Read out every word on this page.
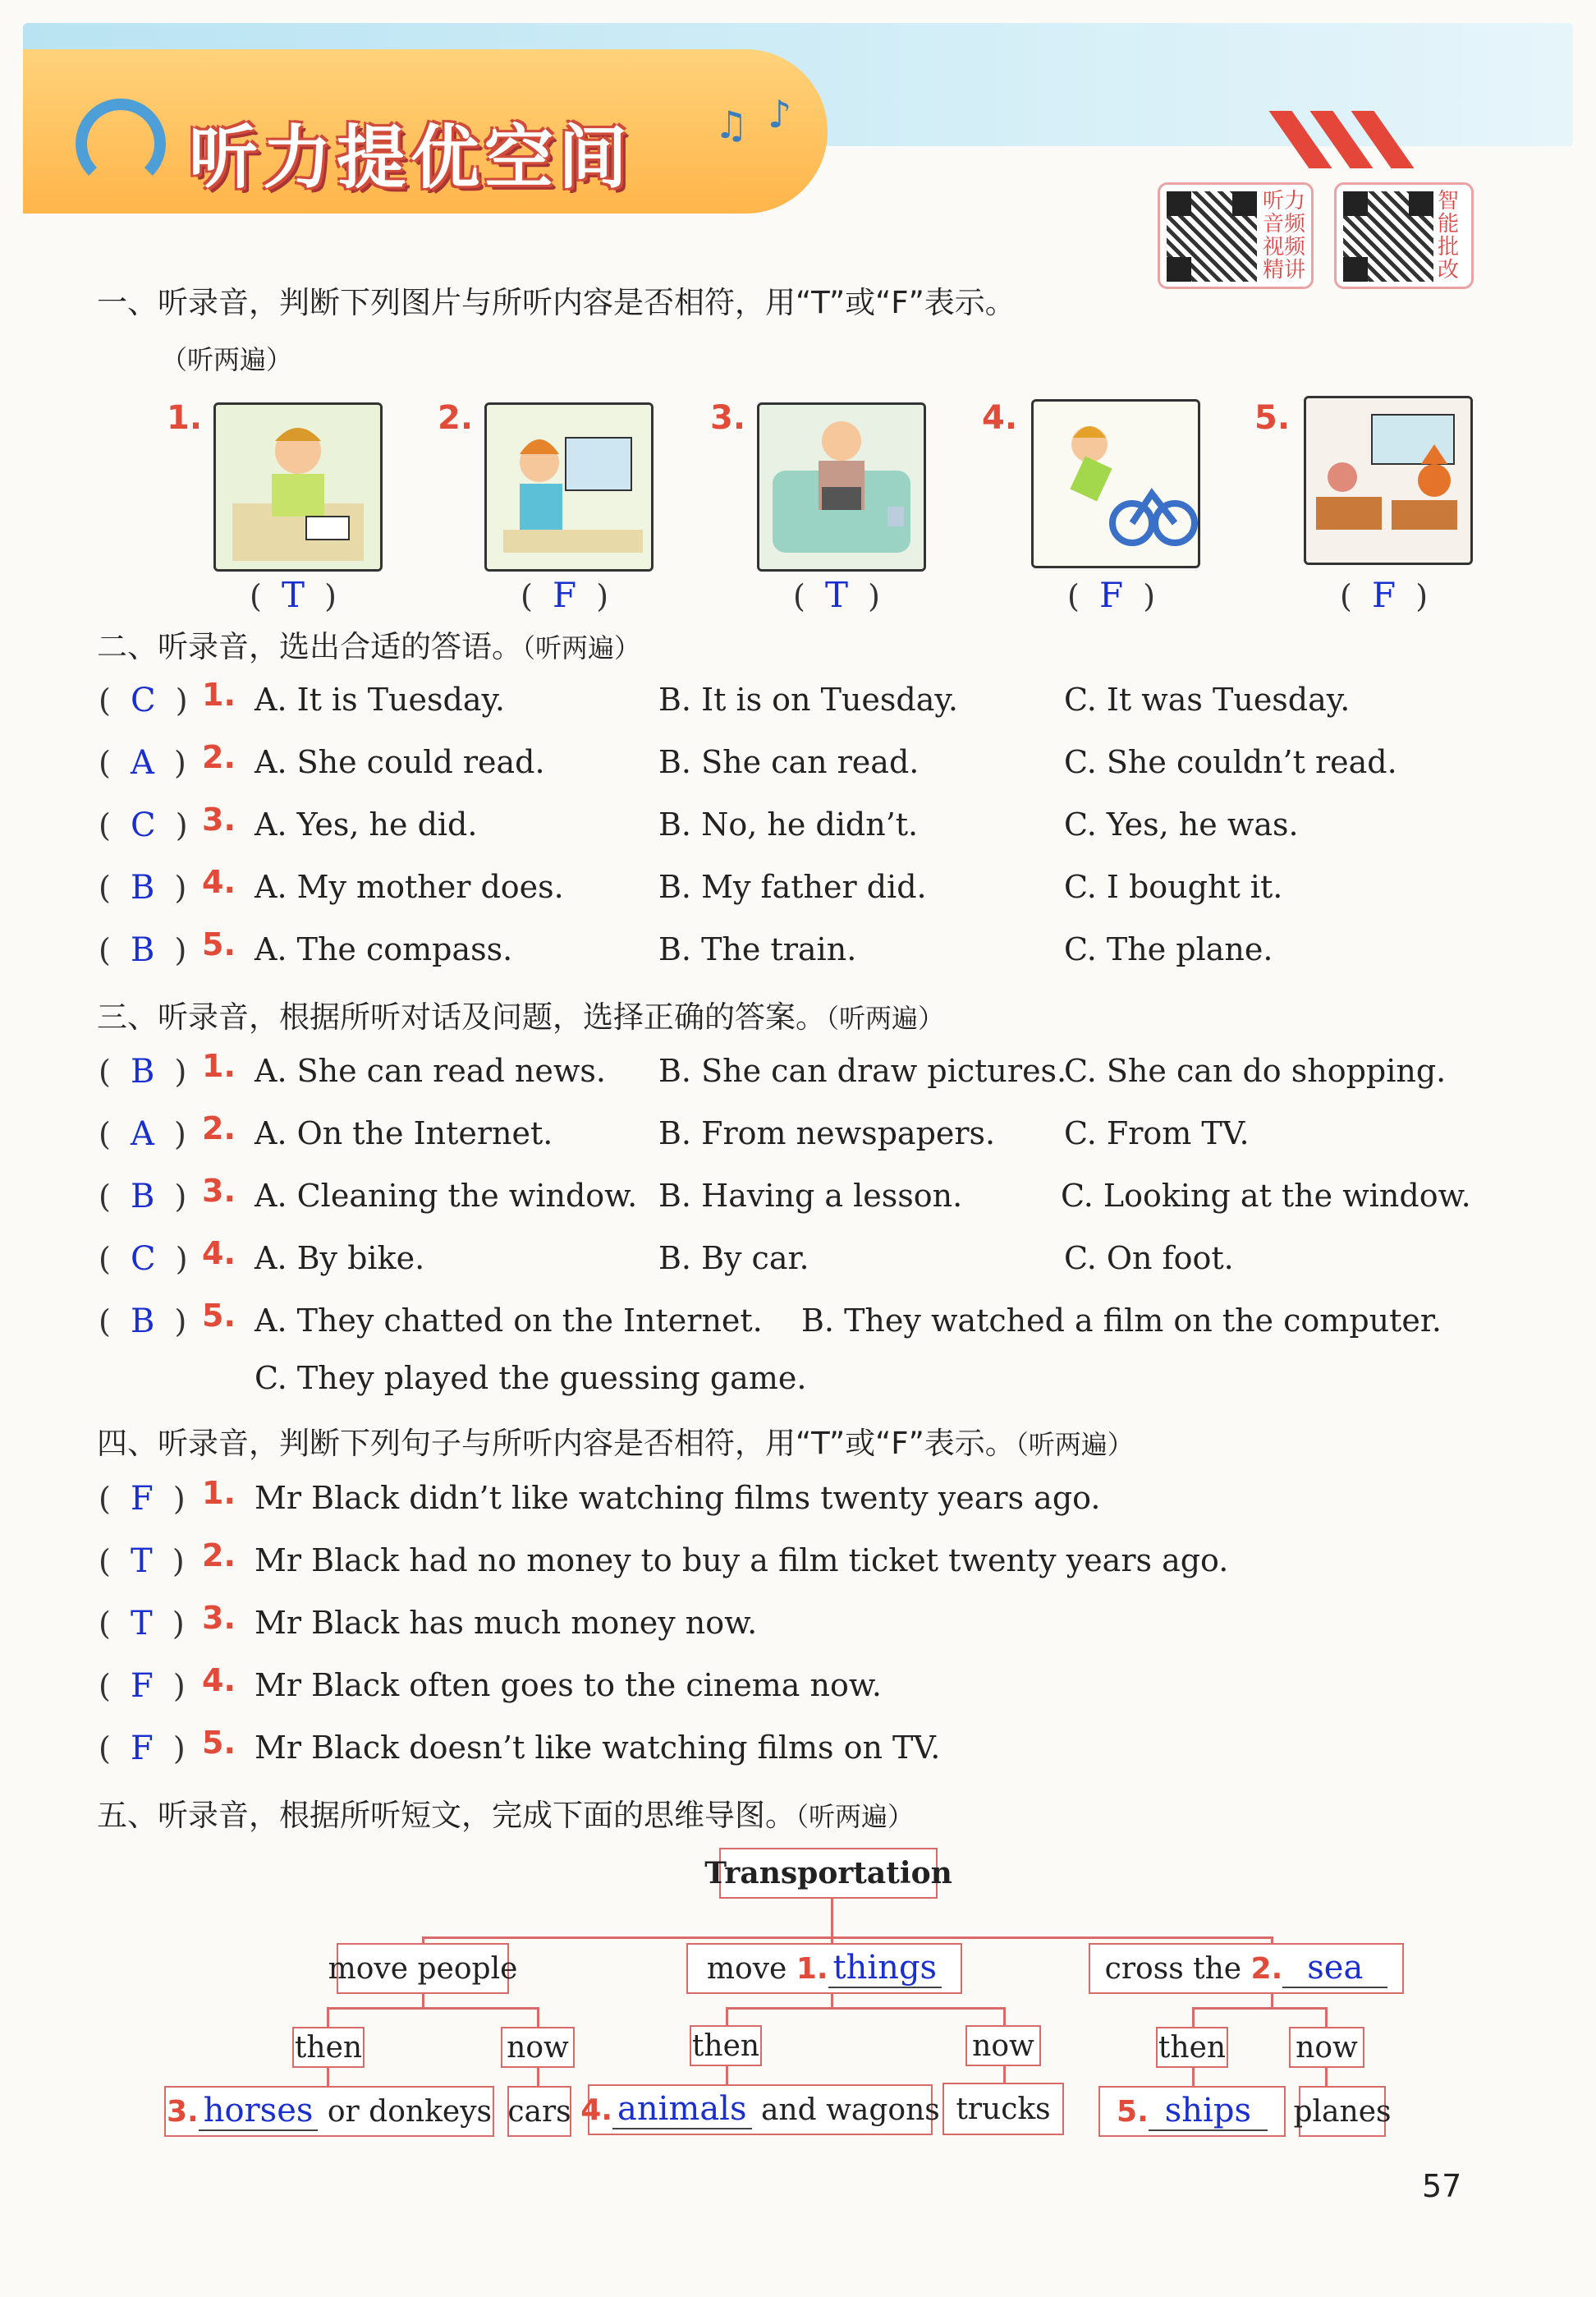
听力提优空间 ♫ ♪
听力音频 视频精讲
智能批改
一、听录音，判断下列图片与所听内容是否相符，用“T”或“F”表示。
（听两遍）
1.
(  T  )
2.
(  F  )
3.
(  T  )
4.
(  F  )
5.
(  F  )
二、听录音，选出合适的答语。（听两遍）
(  C  ) 1. A. It is Tuesday.	B. It is on Tuesday.	C. It was Tuesday.
(  A  ) 2. A. She could read.	B. She can read.	C. She couldn’t read.
(  C  ) 3. A. Yes, he did.	B. No, he didn’t.	C. Yes, he was.
(  B  ) 4. A. My mother does.	B. My father did.	C. I bought it.
(  B  ) 5. A. The compass.	B. The train.	C. The plane.
三、听录音，根据所听对话及问题，选择正确的答案。（听两遍）
(  B  ) 1. A. She can read news. B. She can draw pictures.
C. She can do shopping.
(  A  ) 2. A. On the Internet.	B. From newspapers. C. From TV.
(  B  ) 3. A. Cleaning the window. B. Having a lesson.	C. Looking at the window.
(  C  ) 4. A. By bike.	B. By car.	C. On foot.
(  B  ) 5. A. They chatted on the Internet. B. They watched a film on the computer.
C. They played the guessing game.
四、听录音，判断下列句子与所听内容是否相符，用“T”或“F”表示。（听两遍）
(  F  ) 1. Mr Black didn’t like watching films twenty years ago.
(  T  ) 2. Mr Black had no money to buy a film ticket twenty years ago.
(  T  ) 3. Mr Black has much money now.
(  F  ) 4. Mr Black often goes to the cinema now.
(  F  ) 5. Mr Black doesn’t like watching films on TV.
五、听录音，根据所听短文，完成下面的思维导图。（听两遍）
Transportation
move people	move
1. things	cross the
2. sea
then	now	then	now	then now
3. horses
or donkeys cars 4. animals
and wagons trucks	5. ships	planes
57
